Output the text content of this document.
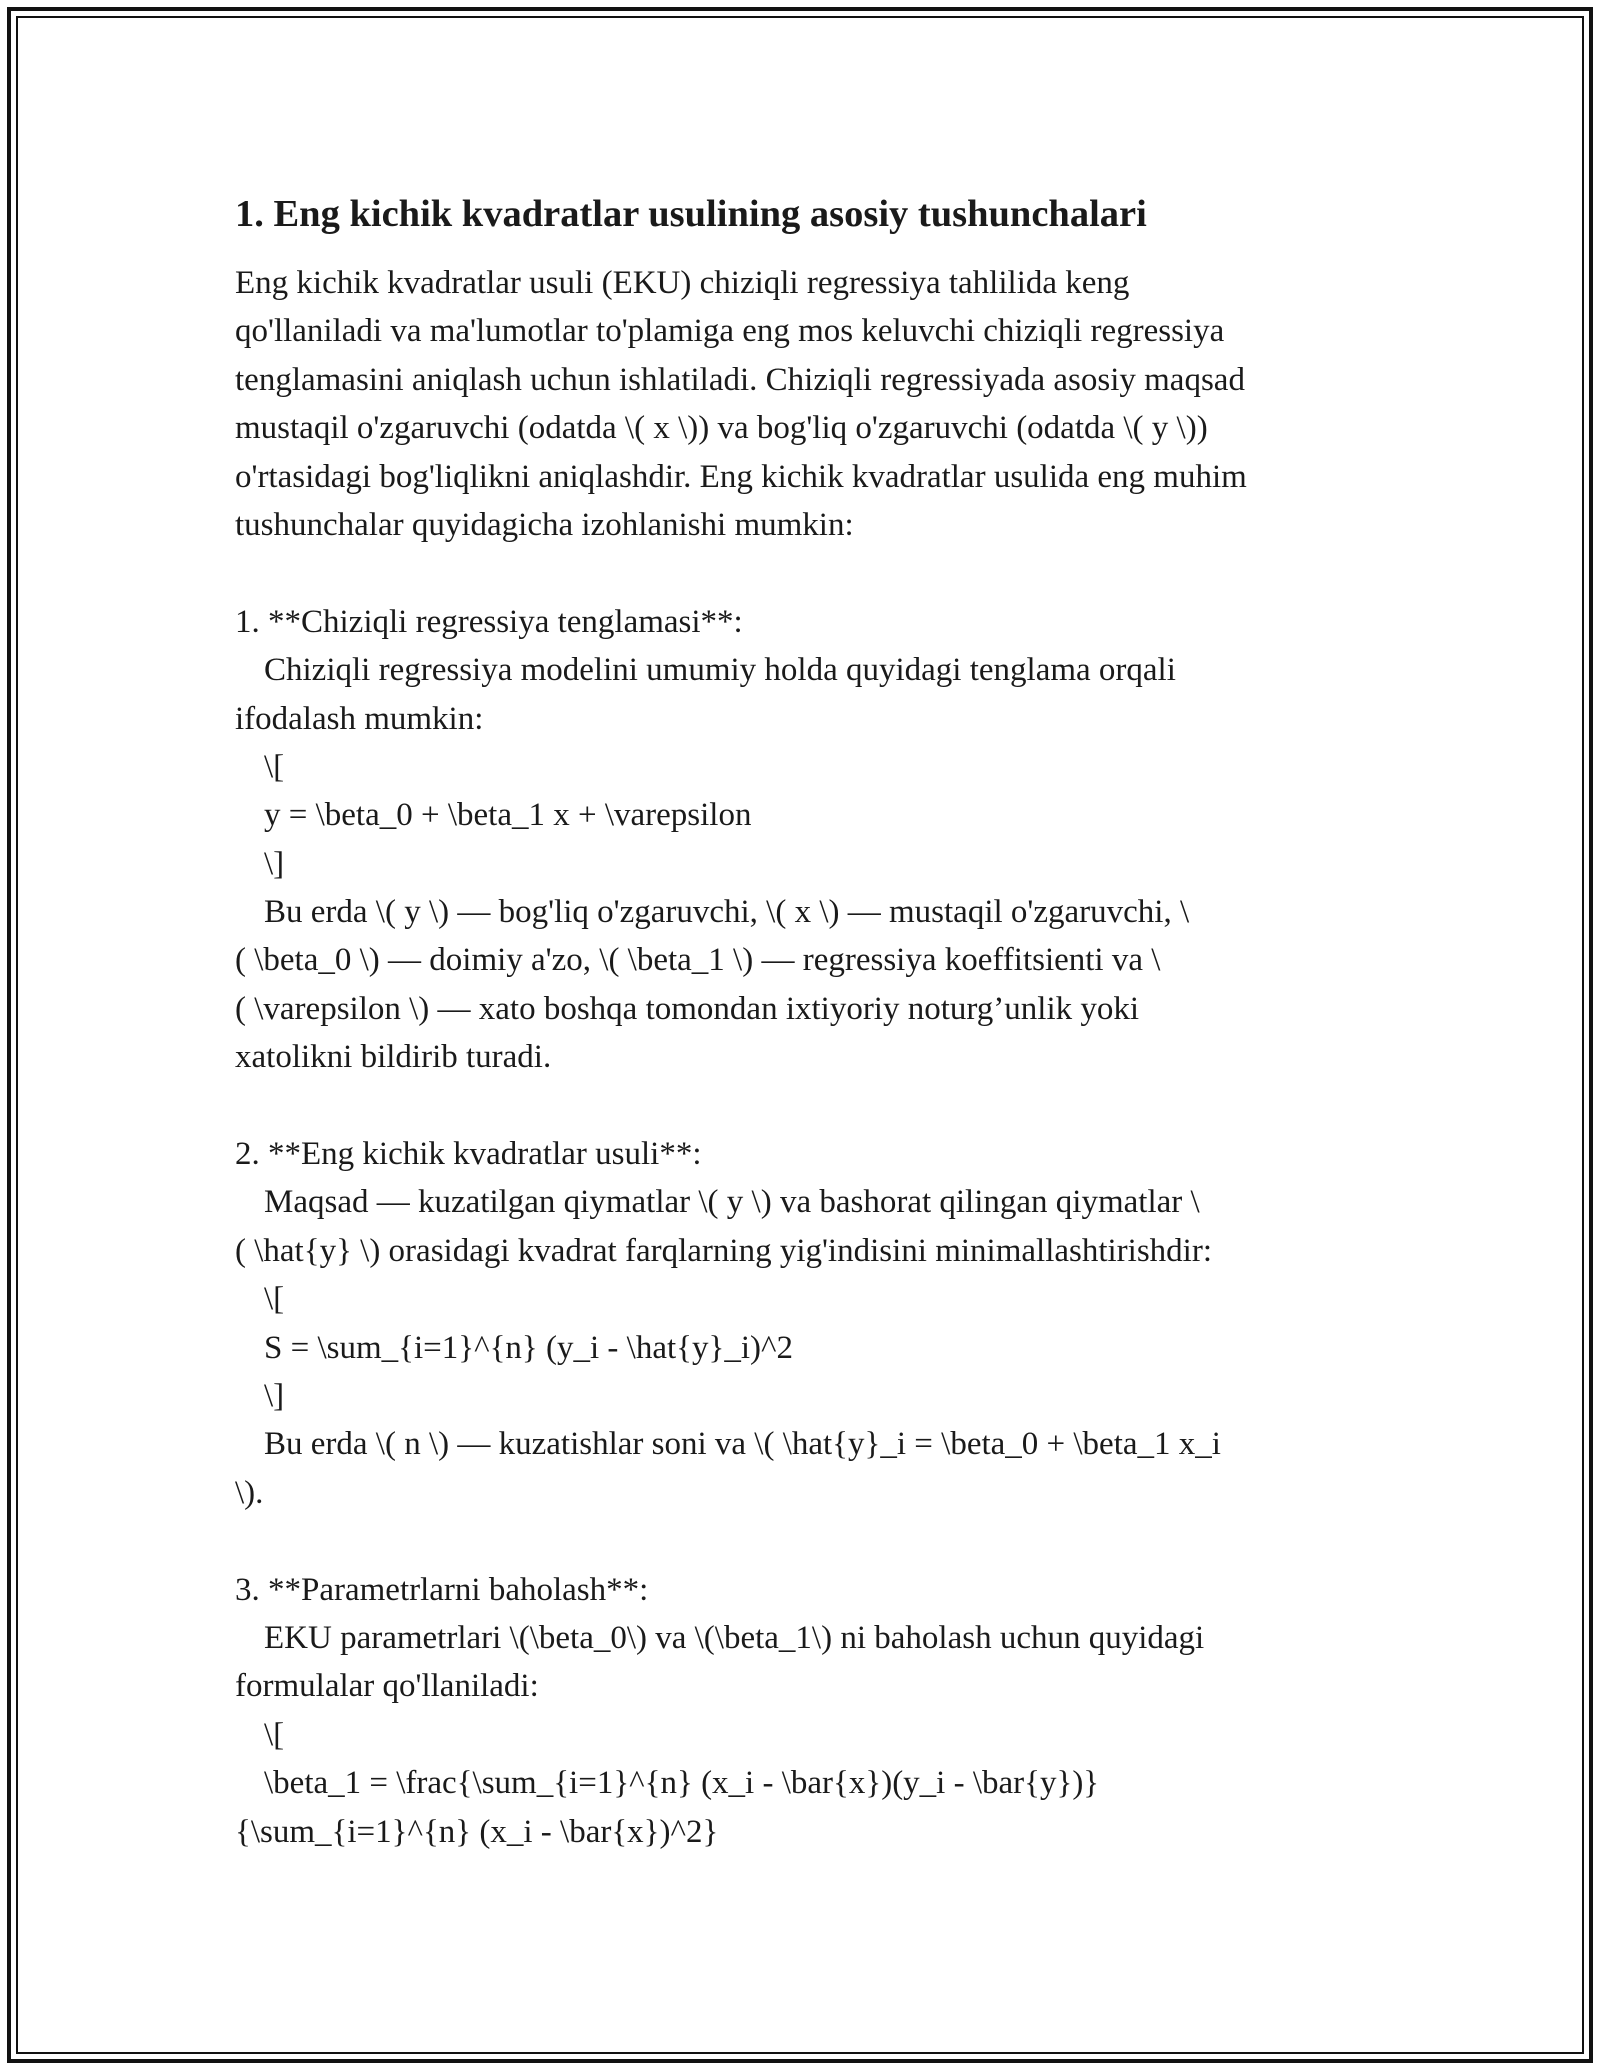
1. Eng kichik kvadratlar usulining asosiy tushunchalari
Eng kichik kvadratlar usuli (EKU) chiziqli regressiya tahlilida keng
qo'llaniladi va ma'lumotlar to'plamiga eng mos keluvchi chiziqli regressiya
tenglamasini aniqlash uchun ishlatiladi. Chiziqli regressiyada asosiy maqsad
mustaqil o'zgaruvchi (odatda \( x \)) va bog'liq o'zgaruvchi (odatda \( y \))
o'rtasidagi bog'liqlikni aniqlashdir. Eng kichik kvadratlar usulida eng muhim
tushunchalar quyidagicha izohlanishi mumkin:
1. **Chiziqli regressiya tenglamasi**:
Chiziqli regressiya modelini umumiy holda quyidagi tenglama orqali
ifodalash mumkin:
\[
y = \beta_0 + \beta_1 x + \varepsilon
\]
Bu erda \( y \) — bog'liq o'zgaruvchi, \( x \) — mustaqil o'zgaruvchi, \
( \beta_0 \) — doimiy a'zo, \( \beta_1 \) — regressiya koeffitsienti va \
( \varepsilon \) — xato boshqa tomondan ixtiyoriy noturg’unlik yoki
xatolikni bildirib turadi.
2. **Eng kichik kvadratlar usuli**:
Maqsad — kuzatilgan qiymatlar \( y \) va bashorat qilingan qiymatlar \
( \hat{y} \) orasidagi kvadrat farqlarning yig'indisini minimallashtirishdir:
\[
S = \sum_{i=1}^{n} (y_i - \hat{y}_i)^2
\]
Bu erda \( n \) — kuzatishlar soni va \( \hat{y}_i = \beta_0 + \beta_1 x_i
\).
3. **Parametrlarni baholash**:
EKU parametrlari \(\beta_0\) va \(\beta_1\) ni baholash uchun quyidagi
formulalar qo'llaniladi:
\[
\beta_1 = \frac{\sum_{i=1}^{n} (x_i - \bar{x})(y_i - \bar{y})}
{\sum_{i=1}^{n} (x_i - \bar{x})^2}
